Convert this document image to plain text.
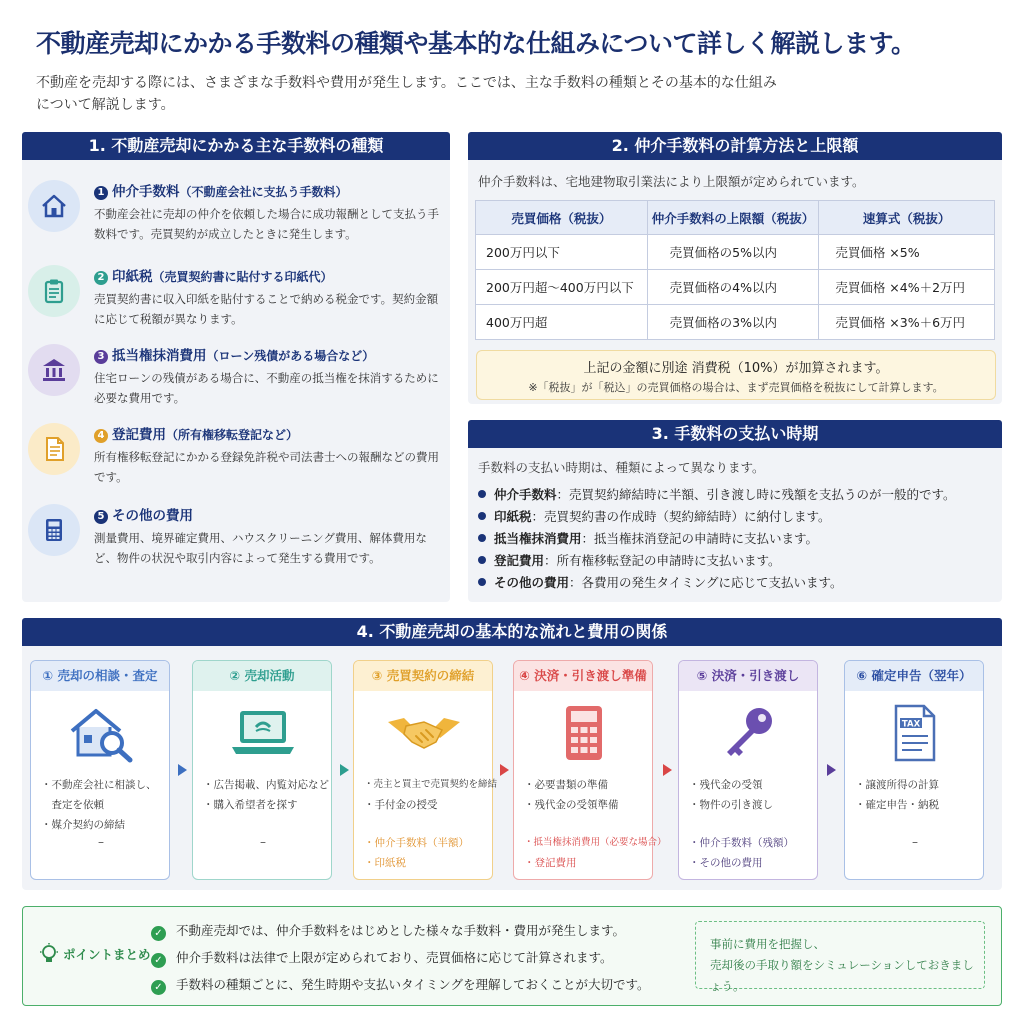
不動産売却にかかる手数料の種類や基本的な仕組みについて詳しく解説します。
不動産を売却する際には、さまざまな手数料や費用が発生します。ここでは、主な手数料の種類とその基本的な仕組み
について解説します。
1. 不動産売却にかかる主な手数料の種類
1 仲介手数料（不動産会社に支払う手数料）
不動産会社に売却の仲介を依頼した場合に成功報酬として支払う手数料です。売買契約が成立したときに発生します。
2 印紙税（売買契約書に貼付する印紙代）
売買契約書に収入印紙を貼付することで納める税金です。契約金額に応じて税額が異なります。
3 抵当権抹消費用（ローン残債がある場合など）
住宅ローンの残債がある場合に、不動産の抵当権を抹消するために必要な費用です。
4 登記費用（所有権移転登記など）
所有権移転登記にかかる登録免許税や司法書士への報酬などの費用です。
5 その他の費用
測量費用、境界確定費用、ハウスクリーニング費用、解体費用など、物件の状況や取引内容によって発生する費用です。
2. 仲介手数料の計算方法と上限額
仲介手数料は、宅地建物取引業法により上限額が定められています。
売買価格（税抜）	仲介手数料の上限額（税抜）	速算式（税抜）
200万円以下	売買価格の5%以内	売買価格 ×5%
200万円超〜400万円以下	売買価格の4%以内	売買価格 ×4%＋2万円
400万円超	売買価格の3%以内	売買価格 ×3%＋6万円
上記の金額に別途 消費税（10%）が加算されます。
※「税抜」が「税込」の売買価格の場合は、まず売買価格を税抜にして計算します。
3. 手数料の支払い時期
手数料の支払い時期は、種類によって異なります。
仲介手数料：売買契約締結時に半額、引き渡し時に残額を支払うのが一般的です。
印紙税：売買契約書の作成時（契約締結時）に納付します。
抵当権抹消費用：抵当権抹消登記の申請時に支払います。
登記費用：所有権移転登記の申請時に支払います。
その他の費用：各費用の発生タイミングに応じて支払います。
4. 不動産売却の基本的な流れと費用の関係
① 売却の相談・査定
・不動産会社に相談し、
　査定を依頼
・媒介契約の締結
–
② 売却活動
・広告掲載、内覧対応など
・購入希望者を探す
–
③ 売買契約の締結
・売主と買主で売買契約を締結
・手付金の授受
・仲介手数料（半額）
・印紙税
④ 決済・引き渡し準備
・必要書類の準備
・残代金の受領準備
・抵当権抹消費用（必要な場合）
・登記費用
⑤ 決済・引き渡し
・残代金の受領
・物件の引き渡し
・仲介手数料（残額）
・その他の費用
⑥ 確定申告（翌年）
TAX
・譲渡所得の計算
・確定申告・納税
–
ポイントまとめ
✓ 不動産売却では、仲介手数料をはじめとした様々な手数料・費用が発生します。
✓ 仲介手数料は法律で上限が定められており、売買価格に応じて計算されます。
✓ 手数料の種類ごとに、発生時期や支払いタイミングを理解しておくことが大切です。
事前に費用を把握し、
売却後の手取り額をシミュレーションしておきましょう。
